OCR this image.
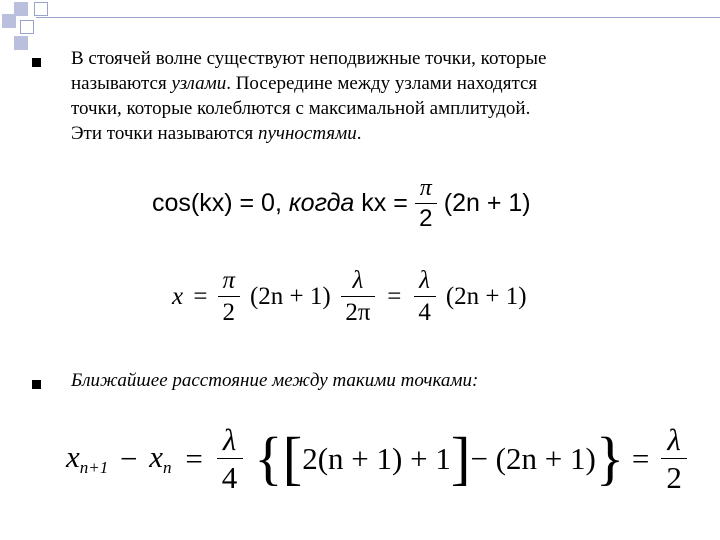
В стоячей волне существуют неподвижные точки, которые
называются узлами. Посередине между узлами находятся
точки, которые колеблются с максимальной амплитудой.
Эти точки называются пучностями.
cos(kx) = 0, когда kx = $\frac{\pi}{2} (2n + 1)$
$x = \frac{\pi}{2} (2n + 1) \frac{\lambda}{2\pi} = \frac{\lambda}{4} (2n + 1)$
Ближайшее расстояние между такими точками:
xn+1 − xn = $\frac{\lambda}{4} \{[2(n + 1) + 1]- (2n + 1)\} = \frac{\lambda}{2}$
